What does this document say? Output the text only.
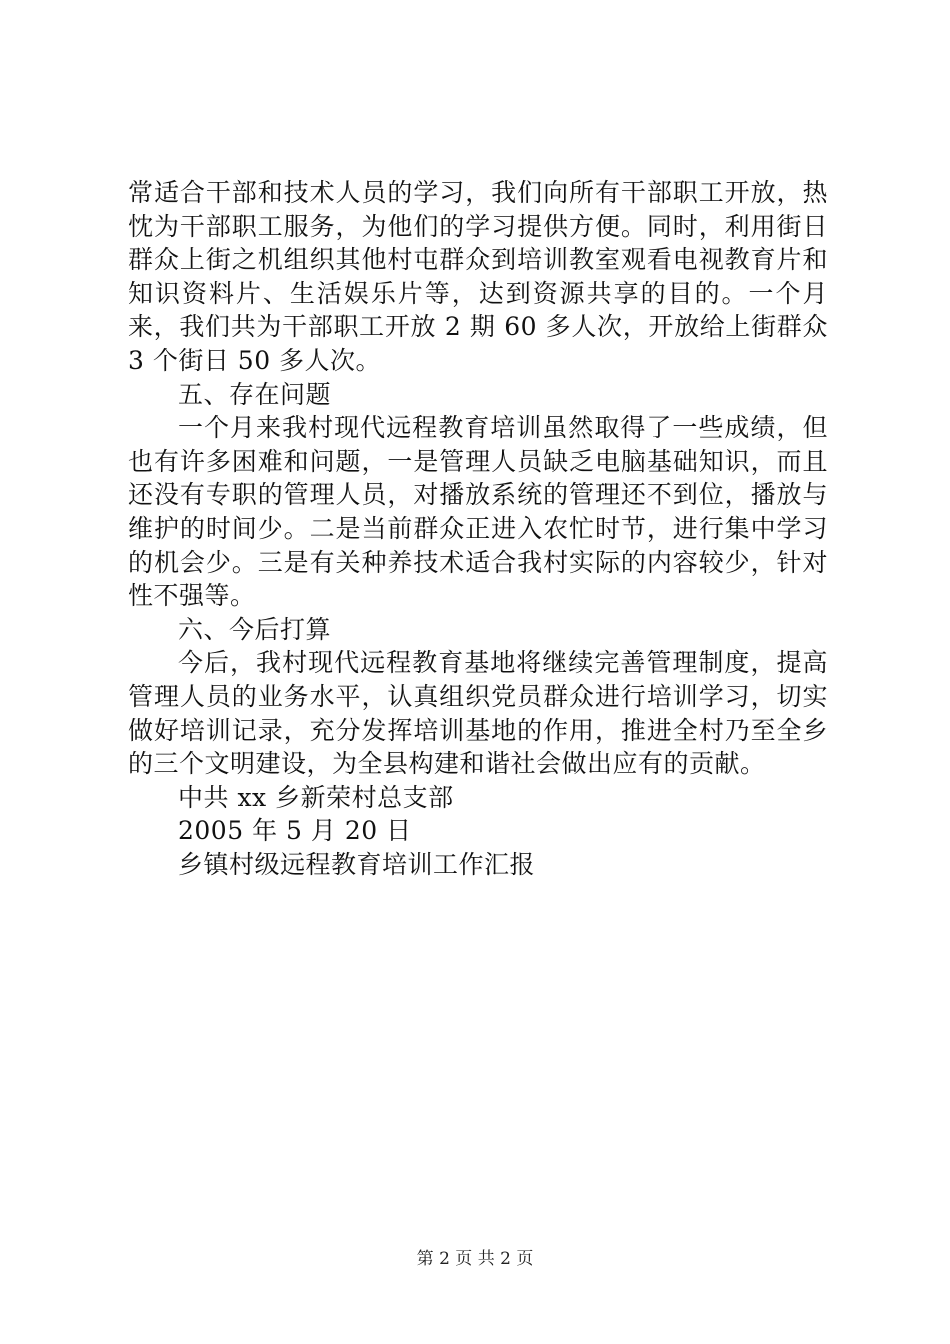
常适合干部和技术人员的学习，我们向所有干部职工开放，热忱为干部职工服务，为他们的学习提供方便。同时，利用街日群众上街之机组织其他村屯群众到培训教室观看电视教育片和知识资料片、生活娱乐片等，达到资源共享的目的。一个月来，我们共为干部职工开放 2 期 60 多人次，开放给上街群众 3 个街日 50 多人次。

五、存在问题

一个月来我村现代远程教育培训虽然取得了一些成绩，但也有许多困难和问题，一是管理人员缺乏电脑基础知识，而且还没有专职的管理人员，对播放系统的管理还不到位，播放与维护的时间少。二是当前群众正进入农忙时节，进行集中学习的机会少。三是有关种养技术适合我村实际的内容较少，针对性不强等。

六、今后打算

今后，我村现代远程教育基地将继续完善管理制度，提高管理人员的业务水平，认真组织党员群众进行培训学习，切实做好培训记录，充分发挥培训基地的作用，推进全村乃至全乡的三个文明建设，为全县构建和谐社会做出应有的贡献。

中共 xx 乡新荣村总支部

2005 年 5 月 20 日

乡镇村级远程教育培训工作汇报

第 2 页 共 2 页
